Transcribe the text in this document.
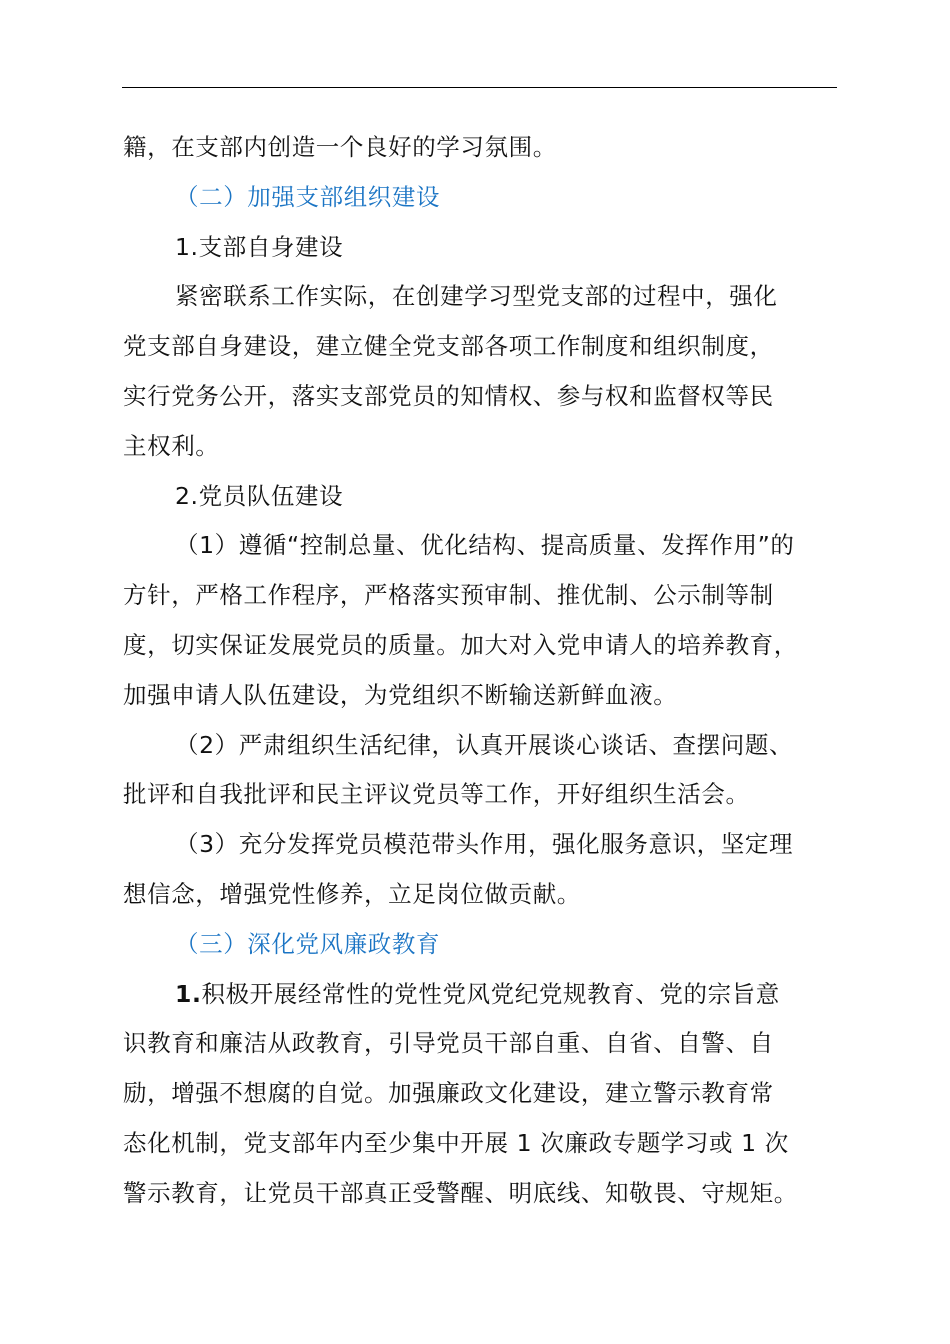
籍，在支部内创造一个良好的学习氛围。
（二）加强支部组织建设
1.支部自身建设
紧密联系工作实际，在创建学习型党支部的过程中，强化
党支部自身建设，建立健全党支部各项工作制度和组织制度，
实行党务公开，落实支部党员的知情权、参与权和监督权等民
主权利。
2.党员队伍建设
（1）遵循“控制总量、优化结构、提高质量、发挥作用”的
方针，严格工作程序，严格落实预审制、推优制、公示制等制
度，切实保证发展党员的质量。加大对入党申请人的培养教育，
加强申请人队伍建设，为党组织不断输送新鲜血液。
（2）严肃组织生活纪律，认真开展谈心谈话、查摆问题、
批评和自我批评和民主评议党员等工作，开好组织生活会。
（3）充分发挥党员模范带头作用，强化服务意识，坚定理
想信念，增强党性修养，立足岗位做贡献。
（三）深化党风廉政教育
1.积极开展经常性的党性党风党纪党规教育、党的宗旨意
识教育和廉洁从政教育，引导党员干部自重、自省、自警、自
励，增强不想腐的自觉。加强廉政文化建设，建立警示教育常
态化机制，党支部年内至少集中开展 1 次廉政专题学习或 1 次
警示教育，让党员干部真正受警醒、明底线、知敬畏、守规矩。
